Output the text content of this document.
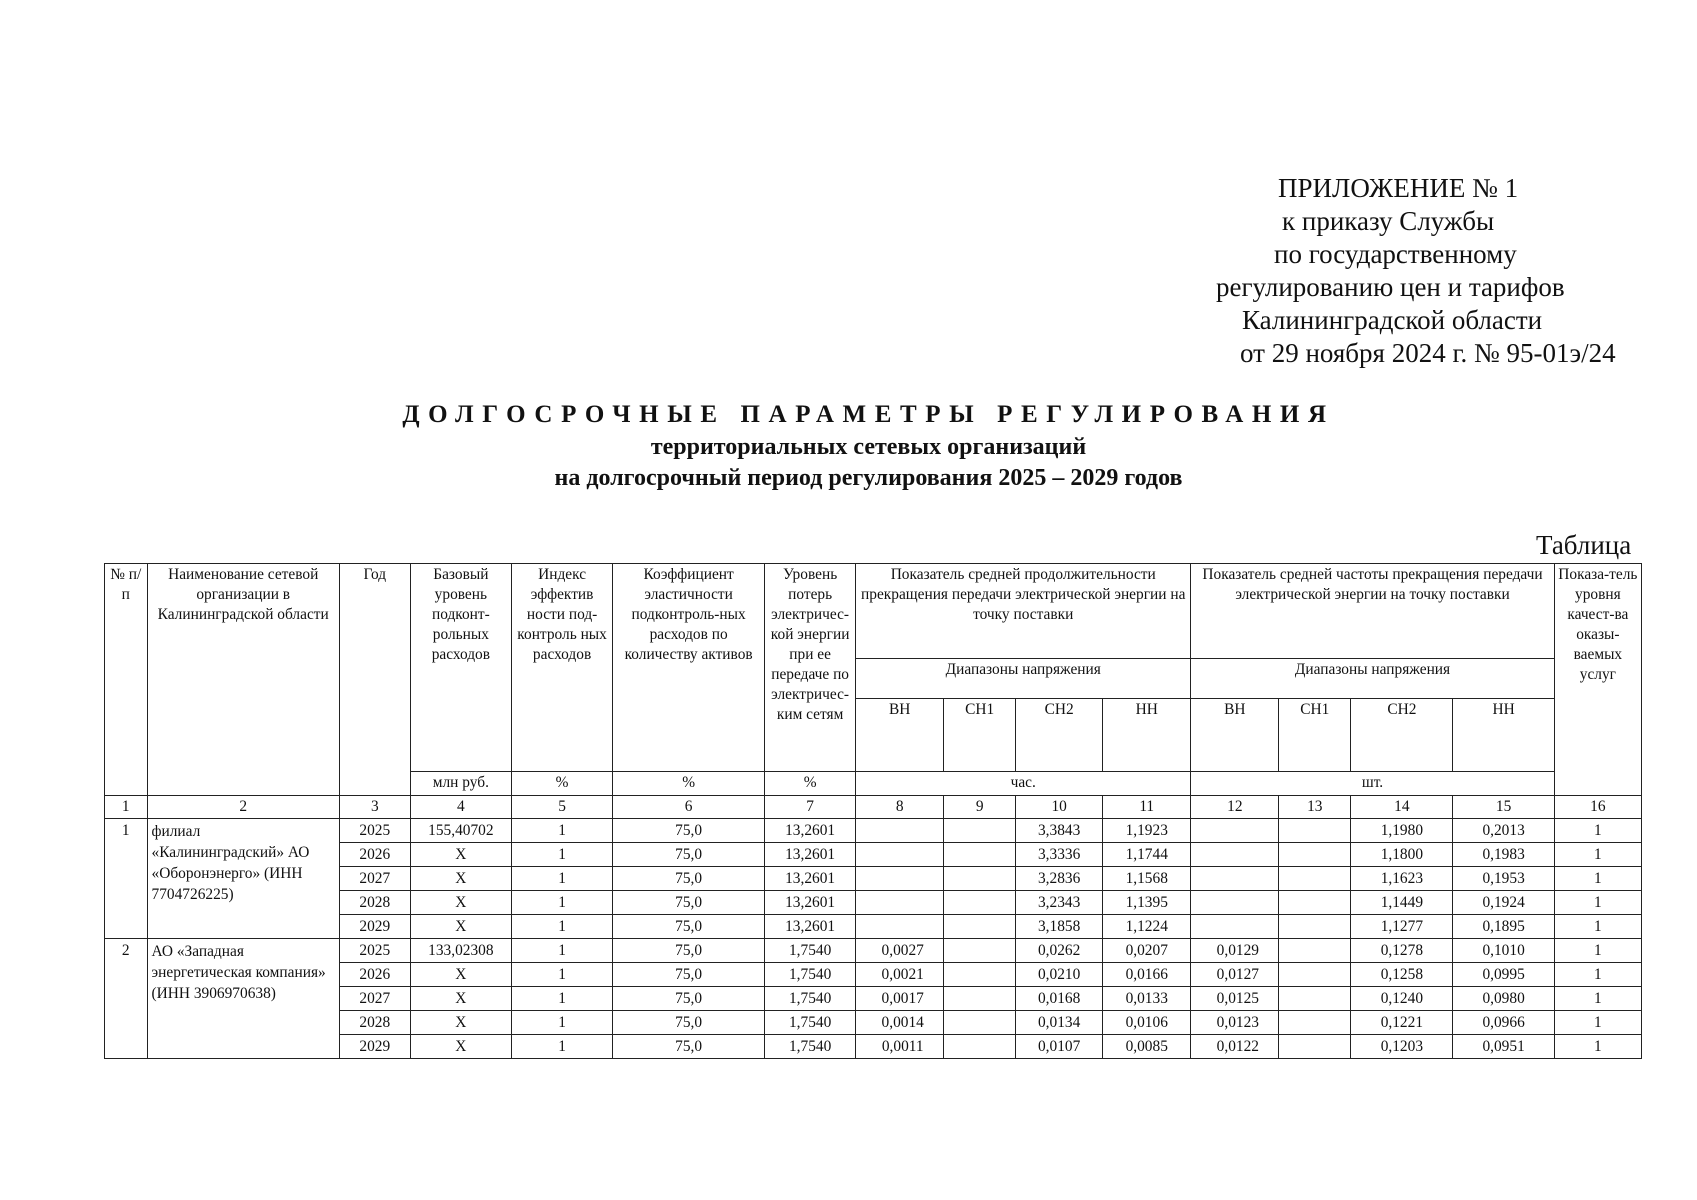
ПРИЛОЖЕНИЕ № 1
к приказу Службы
по государственному
регулированию цен и тарифов
Калининградской области
от 29 ноября 2024 г. № 95-01э/24
ДОЛГОСРОЧНЫЕ ПАРАМЕТРЫ РЕГУЛИРОВАНИЯ
территориальных сетевых организаций
на долгосрочный период регулирования 2025 – 2029 годов
Таблица
№ п/п	Наименование сетевой организации в Калининградской области	Год	Базовый уровень подконт-рольных расходов	Индекс эффектив ности под-контроль ных расходов	Коэффициент эластичности подконтроль-ных расходов по количеству активов	Уровень потерь электричес-кой энергии при ее передаче по электричес-ким сетям	Показатель средней продолжительности прекращения передачи электрической энергии на точку поставки				Показатель средней частоты прекращения передачи электрической энергии на точку поставки				Показа-тель уровня качест-ва оказы-ваемых услуг
							Диапазоны напряжения				Диапазоны напряжения				
							ВН	СН1	СН2	НН	ВН	СН1	СН2	НН	
			млн руб.	%	%	%	час.				шт.				
1	2	3	4	5	6	7	8	9	10	11	12	13	14	15	16
1	филиал «Калининградский» АО «Оборонэнерго» (ИНН 7704726225)	2025	155,40702	1	75,0	13,2601			3,3843	1,1923			1,1980	0,2013	1
		2026	Х	1	75,0	13,2601			3,3336	1,1744			1,1800	0,1983	1
		2027	Х	1	75,0	13,2601			3,2836	1,1568			1,1623	0,1953	1
		2028	Х	1	75,0	13,2601			3,2343	1,1395			1,1449	0,1924	1
		2029	Х	1	75,0	13,2601			3,1858	1,1224			1,1277	0,1895	1
2	АО «Западная энергетическая компания» (ИНН 3906970638)	2025	133,02308	1	75,0	1,7540	0,0027		0,0262	0,0207	0,0129		0,1278	0,1010	1
		2026	Х	1	75,0	1,7540	0,0021		0,0210	0,0166	0,0127		0,1258	0,0995	1
		2027	Х	1	75,0	1,7540	0,0017		0,0168	0,0133	0,0125		0,1240	0,0980	1
		2028	Х	1	75,0	1,7540	0,0014		0,0134	0,0106	0,0123		0,1221	0,0966	1
		2029	Х	1	75,0	1,7540	0,0011		0,0107	0,0085	0,0122		0,1203	0,0951	1
